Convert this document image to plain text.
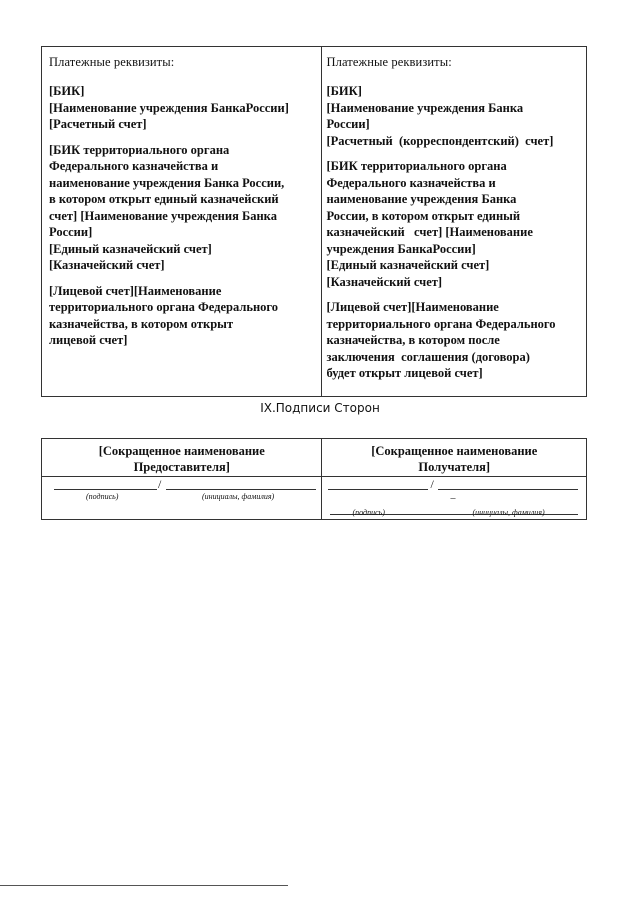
Платежные реквизиты:
[БИК]
[Наименование учреждения БанкаРоссии]
[Расчетный счет]
[БИК территориального органа
Федерального казначейства и
наименование учреждения Банка России,
в котором открыт единый казначейский
счет] [Наименование учреждения Банка
России]
[Единый казначейский счет]
[Казначейский счет]
[Лицевой счет][Наименование
территориального органа Федерального
казначейства, в котором открыт
лицевой счет]
Платежные реквизиты:
[БИК]
[Наименование учреждения Банка
России]
[Расчетный  (корреспондентский)  счет]
[БИК территориального органа
Федерального казначейства и
наименование учреждения Банка
России, в котором открыт единый
казначейский   счет] [Наименование
учреждения БанкаРоссии]
[Единый казначейский счет]
[Казначейский счет]
[Лицевой счет][Наименование
территориального органа Федерального
казначейства, в котором после
заключения  соглашения (договора)
будет открыт лицевой счет]
IX.Подписи Сторон
[Сокращенное наименование
Предоставителя]
[Сокращенное наименование
Получателя]
/
(подпись)	(инициалы, фамилия)
/
–
(подпись)	(инициалы, фамилия)
